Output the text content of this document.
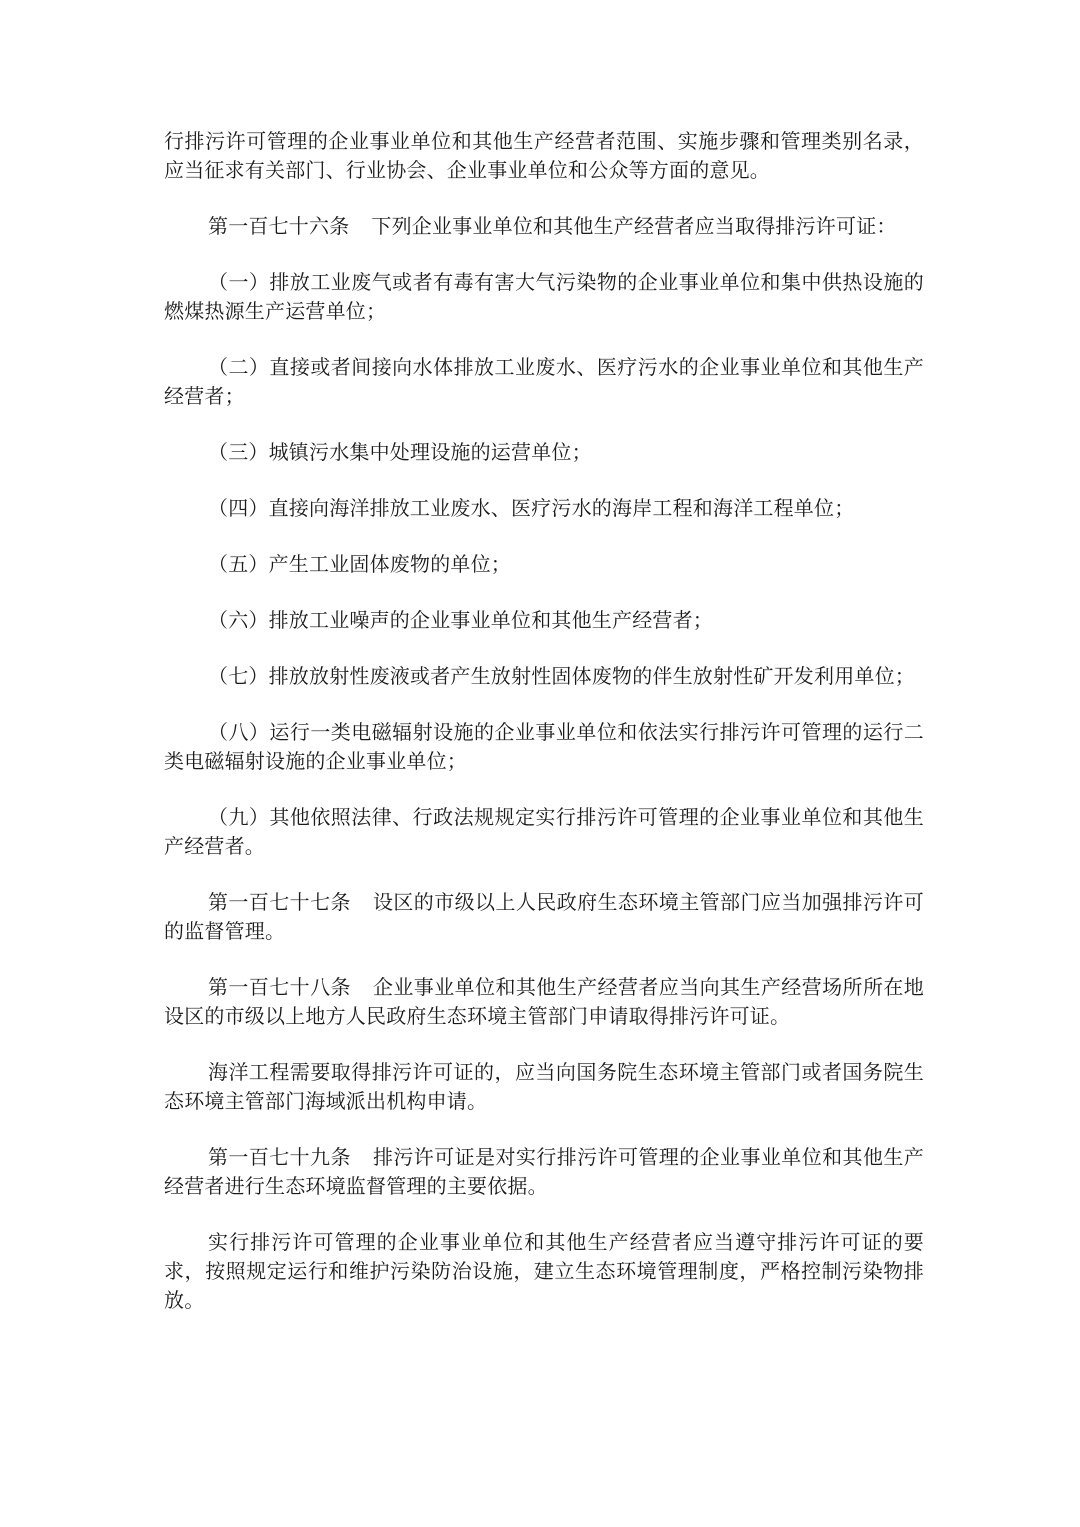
行排污许可管理的企业事业单位和其他生产经营者范围、实施步骤和管理类别名录，应当征求有关部门、行业协会、企业事业单位和公众等方面的意见。

第一百七十六条 下列企业事业单位和其他生产经营者应当取得排污许可证：

（一）排放工业废气或者有毒有害大气污染物的企业事业单位和集中供热设施的燃煤热源生产运营单位；

（二）直接或者间接向水体排放工业废水、医疗污水的企业事业单位和其他生产经营者；

（三）城镇污水集中处理设施的运营单位；

（四）直接向海洋排放工业废水、医疗污水的海岸工程和海洋工程单位；

（五）产生工业固体废物的单位；

（六）排放工业噪声的企业事业单位和其他生产经营者；

（七）排放放射性废液或者产生放射性固体废物的伴生放射性矿开发利用单位；

（八）运行一类电磁辐射设施的企业事业单位和依法实行排污许可管理的运行二类电磁辐射设施的企业事业单位；

（九）其他依照法律、行政法规规定实行排污许可管理的企业事业单位和其他生产经营者。

第一百七十七条 设区的市级以上人民政府生态环境主管部门应当加强排污许可的监督管理。

第一百七十八条 企业事业单位和其他生产经营者应当向其生产经营场所所在地设区的市级以上地方人民政府生态环境主管部门申请取得排污许可证。

海洋工程需要取得排污许可证的，应当向国务院生态环境主管部门或者国务院生态环境主管部门海域派出机构申请。

第一百七十九条 排污许可证是对实行排污许可管理的企业事业单位和其他生产经营者进行生态环境监督管理的主要依据。

实行排污许可管理的企业事业单位和其他生产经营者应当遵守排污许可证的要求，按照规定运行和维护污染防治设施，建立生态环境管理制度，严格控制污染物排放。
